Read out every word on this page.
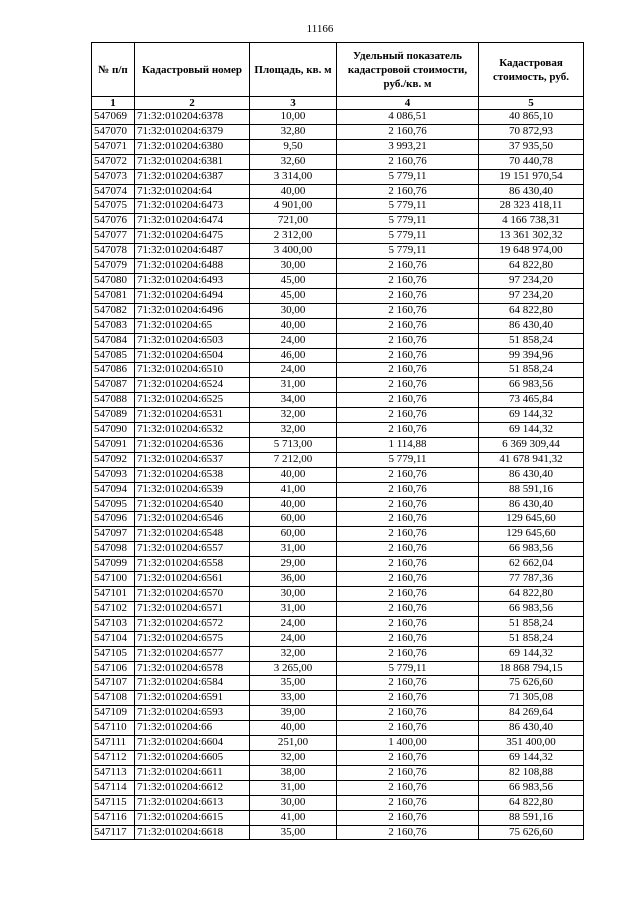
11166
№ п/п	Кадастровый номер	Площадь, кв. м	Удельный показатель кадастровой стоимости, руб./кв. м	Кадастровая стоимость, руб.
1	2	3	4	5
547069	71:32:010204:6378	10,00	4 086,51	40 865,10
547070	71:32:010204:6379	32,80	2 160,76	70 872,93
547071	71:32:010204:6380	9,50	3 993,21	37 935,50
547072	71:32:010204:6381	32,60	2 160,76	70 440,78
547073	71:32:010204:6387	3 314,00	5 779,11	19 151 970,54
547074	71:32:010204:64	40,00	2 160,76	86 430,40
547075	71:32:010204:6473	4 901,00	5 779,11	28 323 418,11
547076	71:32:010204:6474	721,00	5 779,11	4 166 738,31
547077	71:32:010204:6475	2 312,00	5 779,11	13 361 302,32
547078	71:32:010204:6487	3 400,00	5 779,11	19 648 974,00
547079	71:32:010204:6488	30,00	2 160,76	64 822,80
547080	71:32:010204:6493	45,00	2 160,76	97 234,20
547081	71:32:010204:6494	45,00	2 160,76	97 234,20
547082	71:32:010204:6496	30,00	2 160,76	64 822,80
547083	71:32:010204:65	40,00	2 160,76	86 430,40
547084	71:32:010204:6503	24,00	2 160,76	51 858,24
547085	71:32:010204:6504	46,00	2 160,76	99 394,96
547086	71:32:010204:6510	24,00	2 160,76	51 858,24
547087	71:32:010204:6524	31,00	2 160,76	66 983,56
547088	71:32:010204:6525	34,00	2 160,76	73 465,84
547089	71:32:010204:6531	32,00	2 160,76	69 144,32
547090	71:32:010204:6532	32,00	2 160,76	69 144,32
547091	71:32:010204:6536	5 713,00	1 114,88	6 369 309,44
547092	71:32:010204:6537	7 212,00	5 779,11	41 678 941,32
547093	71:32:010204:6538	40,00	2 160,76	86 430,40
547094	71:32:010204:6539	41,00	2 160,76	88 591,16
547095	71:32:010204:6540	40,00	2 160,76	86 430,40
547096	71:32:010204:6546	60,00	2 160,76	129 645,60
547097	71:32:010204:6548	60,00	2 160,76	129 645,60
547098	71:32:010204:6557	31,00	2 160,76	66 983,56
547099	71:32:010204:6558	29,00	2 160,76	62 662,04
547100	71:32:010204:6561	36,00	2 160,76	77 787,36
547101	71:32:010204:6570	30,00	2 160,76	64 822,80
547102	71:32:010204:6571	31,00	2 160,76	66 983,56
547103	71:32:010204:6572	24,00	2 160,76	51 858,24
547104	71:32:010204:6575	24,00	2 160,76	51 858,24
547105	71:32:010204:6577	32,00	2 160,76	69 144,32
547106	71:32:010204:6578	3 265,00	5 779,11	18 868 794,15
547107	71:32:010204:6584	35,00	2 160,76	75 626,60
547108	71:32:010204:6591	33,00	2 160,76	71 305,08
547109	71:32:010204:6593	39,00	2 160,76	84 269,64
547110	71:32:010204:66	40,00	2 160,76	86 430,40
547111	71:32:010204:6604	251,00	1 400,00	351 400,00
547112	71:32:010204:6605	32,00	2 160,76	69 144,32
547113	71:32:010204:6611	38,00	2 160,76	82 108,88
547114	71:32:010204:6612	31,00	2 160,76	66 983,56
547115	71:32:010204:6613	30,00	2 160,76	64 822,80
547116	71:32:010204:6615	41,00	2 160,76	88 591,16
547117	71:32:010204:6618	35,00	2 160,76	75 626,60
